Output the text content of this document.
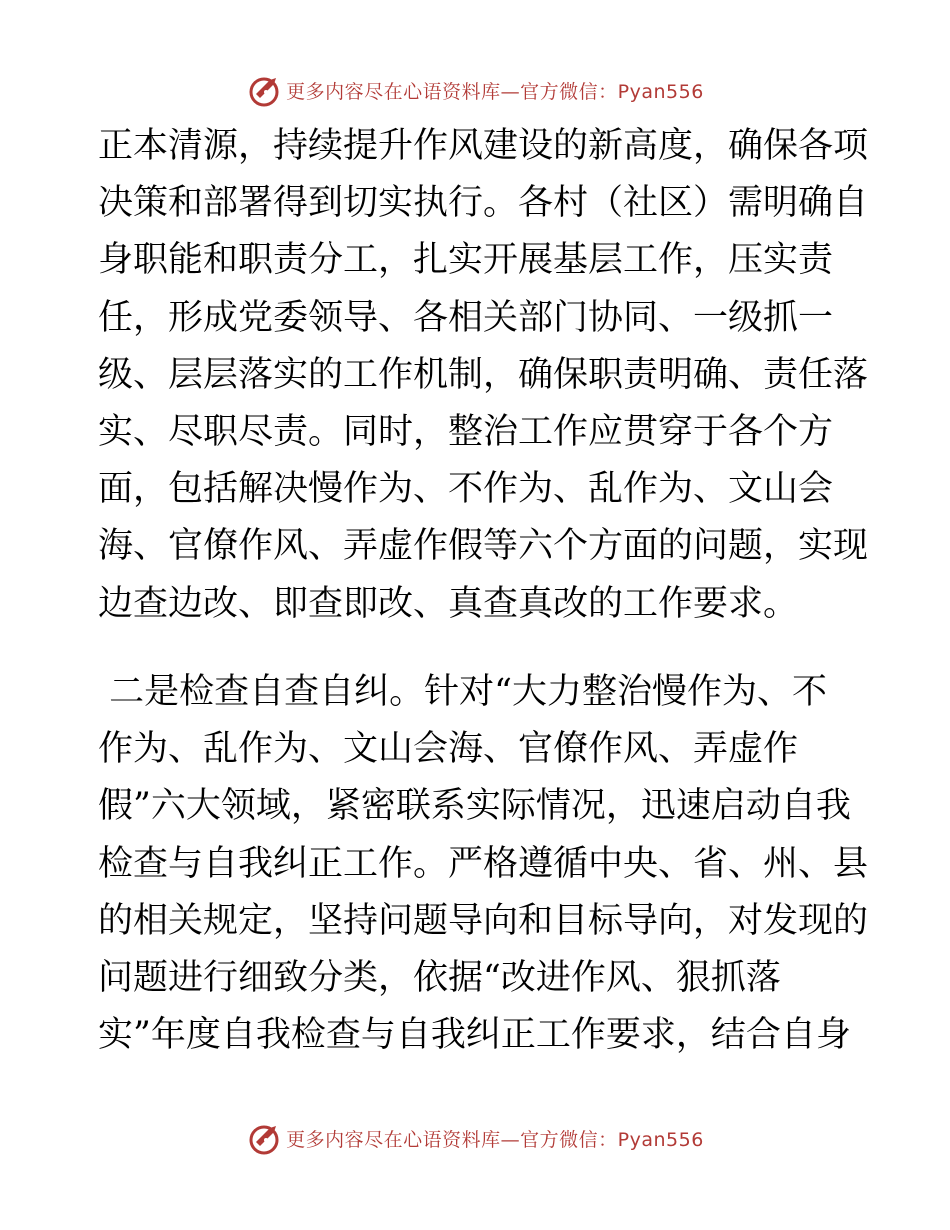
更多内容尽在心语资料库—官方微信：Pyan556
正本清源，持续提升作风建设的新高度，确保各项
决策和部署得到切实执行。各村（社区）需明确自
身职能和职责分工，扎实开展基层工作，压实责
任，形成党委领导、各相关部门协同、一级抓一
级、层层落实的工作机制，确保职责明确、责任落
实、尽职尽责。同时，整治工作应贯穿于各个方
面，包括解决慢作为、不作为、乱作为、文山会
海、官僚作风、弄虚作假等六个方面的问题，实现
边查边改、即查即改、真查真改的工作要求。
二是检查自查自纠。针对“大力整治慢作为、不
作为、乱作为、文山会海、官僚作风、弄虚作
假”六大领域，紧密联系实际情况，迅速启动自我
检查与自我纠正工作。严格遵循中央、省、州、县
的相关规定，坚持问题导向和目标导向，对发现的
问题进行细致分类，依据“改进作风、狠抓落
实”年度自我检查与自我纠正工作要求，结合自身
更多内容尽在心语资料库—官方微信：Pyan556
